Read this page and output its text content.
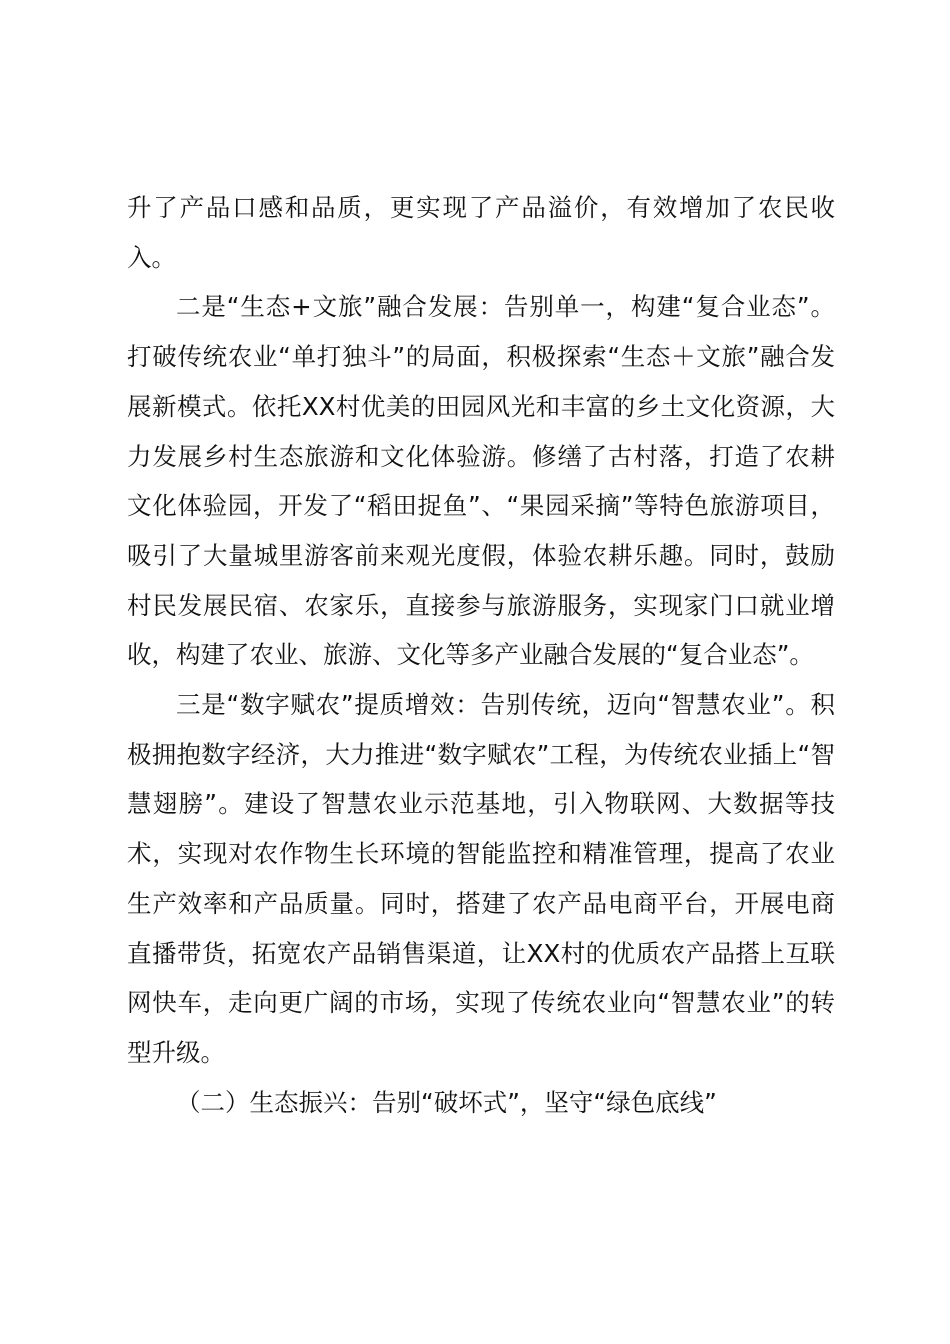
升了产品口感和品质，更实现了产品溢价，有效增加了农民收入。

二是“生态+文旅”融合发展：告别单一，构建“复合业态”。打破传统农业“单打独斗”的局面，积极探索“生态＋文旅”融合发展新模式。依托XX村优美的田园风光和丰富的乡土文化资源，大力发展乡村生态旅游和文化体验游。修缮了古村落，打造了农耕文化体验园，开发了“稻田捉鱼”、“果园采摘”等特色旅游项目，吸引了大量城里游客前来观光度假，体验农耕乐趣。同时，鼓励村民发展民宿、农家乐，直接参与旅游服务，实现家门口就业增收，构建了农业、旅游、文化等多产业融合发展的“复合业态”。

三是“数字赋农”提质增效：告别传统，迈向“智慧农业”。积极拥抱数字经济，大力推进“数字赋农”工程，为传统农业插上“智慧翅膀”。建设了智慧农业示范基地，引入物联网、大数据等技术，实现对农作物生长环境的智能监控和精准管理，提高了农业生产效率和产品质量。同时，搭建了农产品电商平台，开展电商直播带货，拓宽农产品销售渠道，让XX村的优质农产品搭上互联网快车，走向更广阔的市场，实现了传统农业向“智慧农业”的转型升级。

（二）生态振兴：告别“破坏式”，坚守“绿色底线”
